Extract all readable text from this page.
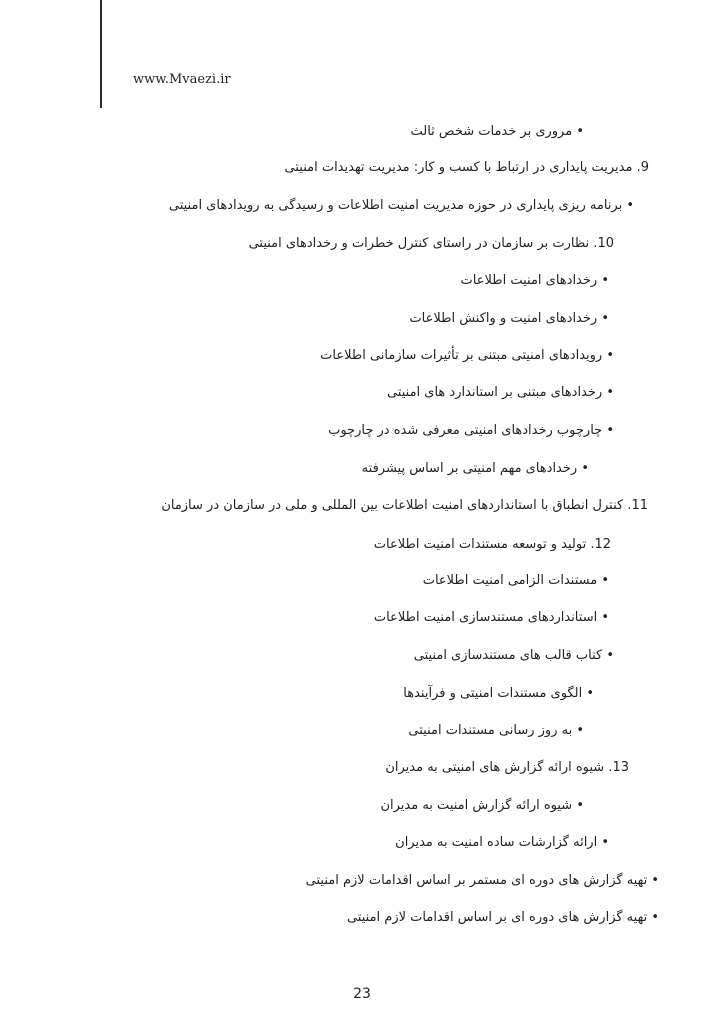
www.Mvaezi.ir
• مروری بر خدمات شخص ثالث
9. مدیریت پایداری در ارتباط با کسب و کار: مدیریت تهدیدات امنیتی
• برنامه ریزی پایداری در حوزه مدیریت امنیت اطلاعات و رسیدگی به رویدادهای امنیتی
10. نظارت بر سازمان در راستای کنترل خطرات و رخدادهای امنیتی
• رخدادهای امنیت اطلاعات
• رخدادهای امنیت و واکنش اطلاعات
• رویدادهای امنیتی مبتنی بر تأثیرات سازمانی اطلاعات
• رخدادهای مبتنی بر استاندارد های امنیتی
• چارچوب رخدادهای امنیتی معرفی شده در چارچوب
• رخدادهای مهم امنیتی بر اساس پیشرفته
11. کنترل انطباق با استانداردهای امنیت اطلاعات بین المللی و ملی در سازمان در سازمان
12. تولید و توسعه مستندات امنیت اطلاعات
• مستندات الزامی امنیت اطلاعات
• استانداردهای مستندسازی امنیت اطلاعات
• کتاب قالب های مستندسازی امنیتی
• الگوی مستندات امنیتی و فرآیندها
• به روز رسانی مستندات امنیتی
13. شیوه ارائه گزارش های امنیتی به مدیران
• شیوه ارائه گزارش امنیت به مدیران
• ارائه گزارشات ساده امنیت به مدیران
• تهیه گزارش های دوره ای مستمر بر اساس اقدامات لازم امنیتی
• تهیه گزارش های دوره ای بر اساس اقدامات لازم امنیتی
23
